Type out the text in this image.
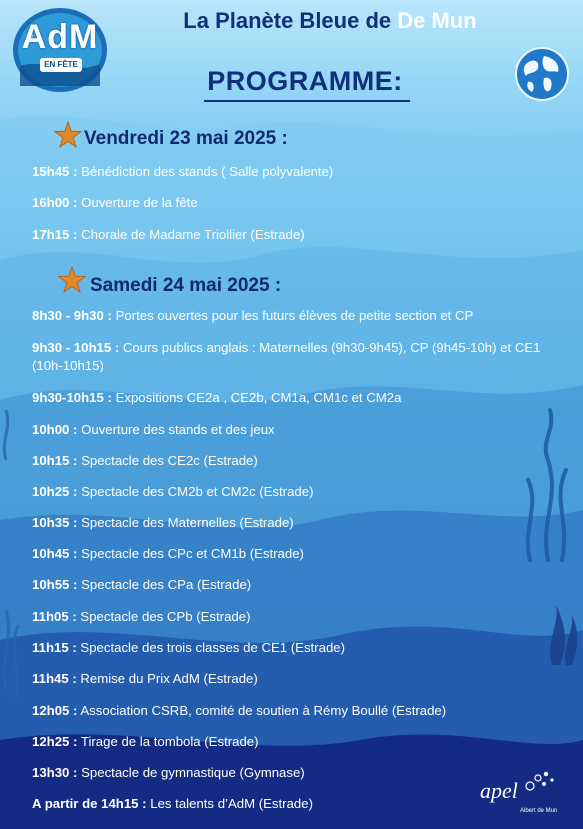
AdM
EN FÊTE
La Planète Bleue de De Mun
PROGRAMME:
Vendredi 23 mai 2025 :
15h45 : Bénédiction des stands ( Salle polyvalente)
16h00 : Ouverture de la fête
17h15 : Chorale de Madame Triollier (Estrade)
Samedi 24 mai 2025 :
8h30 - 9h30 : Portes ouvertes pour les futurs élèves de petite section et CP
9h30 - 10h15 : Cours publics anglais : Maternelles (9h30-9h45), CP (9h45-10h) et CE1 (10h-10h15)
9h30-10h15 : Expositions CE2a , CE2b, CM1a, CM1c et CM2a
10h00 : Ouverture des stands et des jeux
10h15 : Spectacle des CE2c (Estrade)
10h25 : Spectacle des CM2b et CM2c (Estrade)
10h35 : Spectacle des Maternelles (Estrade)
10h45 : Spectacle des CPc et CM1b (Estrade)
10h55 : Spectacle des CPa (Estrade)
11h05 : Spectacle des CPb (Estrade)
11h15 : Spectacle des trois classes de CE1 (Estrade)
11h45 : Remise du Prix AdM (Estrade)
12h05 : Association CSRB, comité de soutien à Rémy Boullé (Estrade)
12h25 : Tirage de la tombola (Estrade)
13h30 : Spectacle de gymnastique (Gymnase)
A partir de 14h15 : Les talents d’AdM (Estrade)
apel
Albert de Mun
